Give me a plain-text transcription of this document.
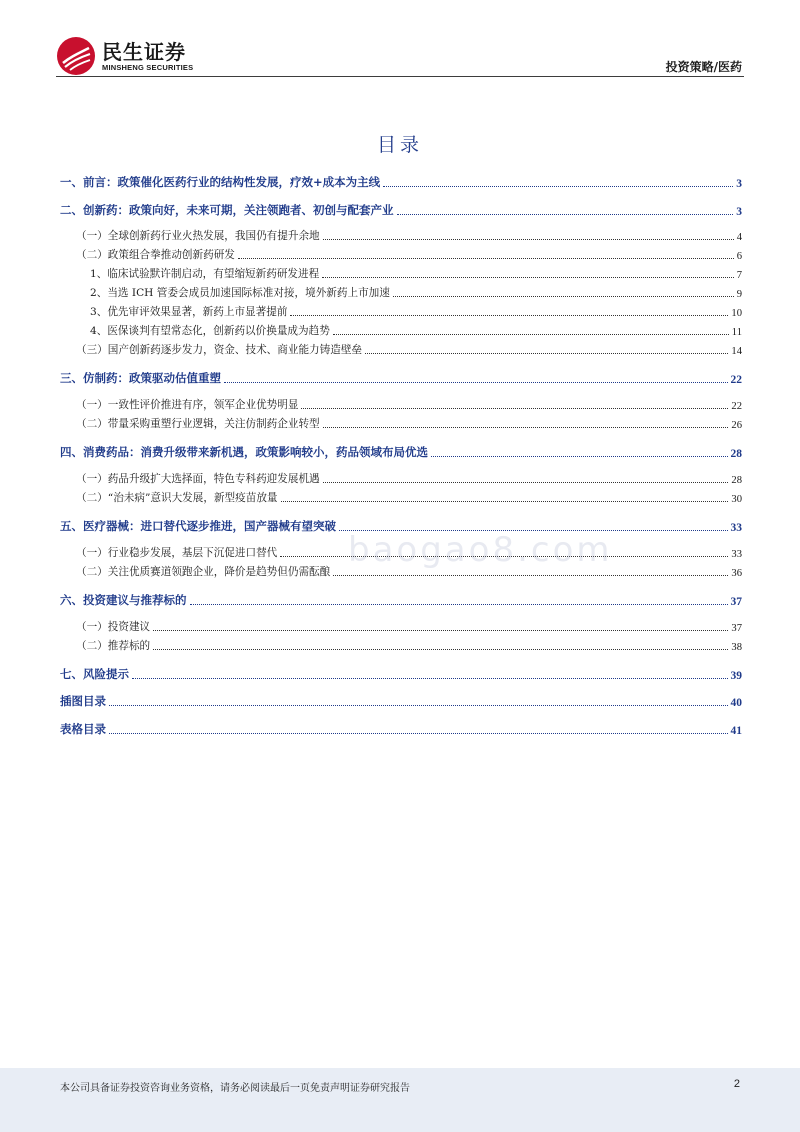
民生证券
MINSHENG SECURITIES	投资策略/医药
目录
一、前言：政策催化医药行业的结构性发展，疗效+成本为主线	3
二、创新药：政策向好，未来可期，关注领跑者、初创与配套产业	3
（一）全球创新药行业火热发展，我国仍有提升余地	4
（二）政策组合拳推动创新药研发	6
1、临床试验默许制启动，有望缩短新药研发进程	7
2、当选 ICH 管委会成员加速国际标准对接，境外新药上市加速	9
3、优先审评效果显著，新药上市显著提前	10
4、医保谈判有望常态化，创新药以价换量成为趋势	11
（三）国产创新药逐步发力，资金、技术、商业能力铸造壁垒	14
三、仿制药：政策驱动估值重塑	22
（一）一致性评价推进有序，领军企业优势明显	22
（二）带量采购重塑行业逻辑，关注仿制药企业转型	26
四、消费药品：消费升级带来新机遇，政策影响较小，药品领域布局优选	28
（一）药品升级扩大选择面，特色专科药迎发展机遇	28
（二）“治未病”意识大发展，新型疫苗放量	30
五、医疗器械：进口替代逐步推进，国产器械有望突破	33
（一）行业稳步发展，基层下沉促进口替代	33
（二）关注优质赛道领跑企业，降价是趋势但仍需酝酿	36
六、投资建议与推荐标的	37
（一）投资建议	37
（二）推荐标的	38
七、风险提示	39
插图目录	40
表格目录	41
baogao8.com
本公司具备证券投资咨询业务资格，请务必阅读最后一页免责声明证券研究报告	2
